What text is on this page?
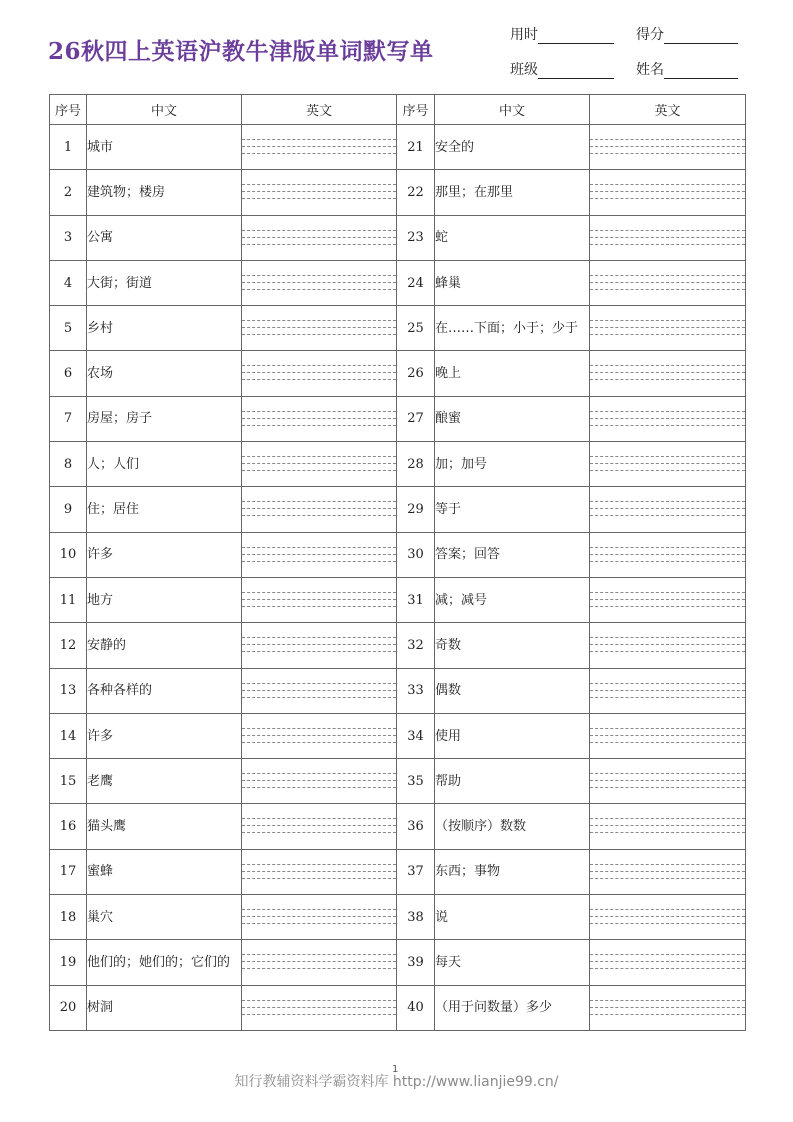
26秋四上英语沪教牛津版单词默写单
用时	得分
班级	姓名
序号	中文	英文	序号	中文	英文
1	城市		21	安全的	

2	建筑物；楼房		22	那里；在那里	

3	公寓		23	蛇	

4	大街；街道		24	蜂巢	

5	乡村		25	在……下面；小于；少于	

6	农场		26	晚上	

7	房屋；房子		27	酿蜜	

8	人；人们		28	加；加号	

9	住；居住		29	等于	

10	许多		30	答案；回答	

11	地方		31	减；减号	

12	安静的		32	奇数	

13	各种各样的		33	偶数	

14	许多		34	使用	

15	老鹰		35	帮助	

16	猫头鹰		36	（按顺序）数数	

17	蜜蜂		37	东西；事物	

18	巢穴		38	说	

19	他们的；她们的；它们的		39	每天	

20	树洞		40	（用于问数量）多少	
知行教辅资料学霸资料库 http://www.lianjie99.cn/
1
